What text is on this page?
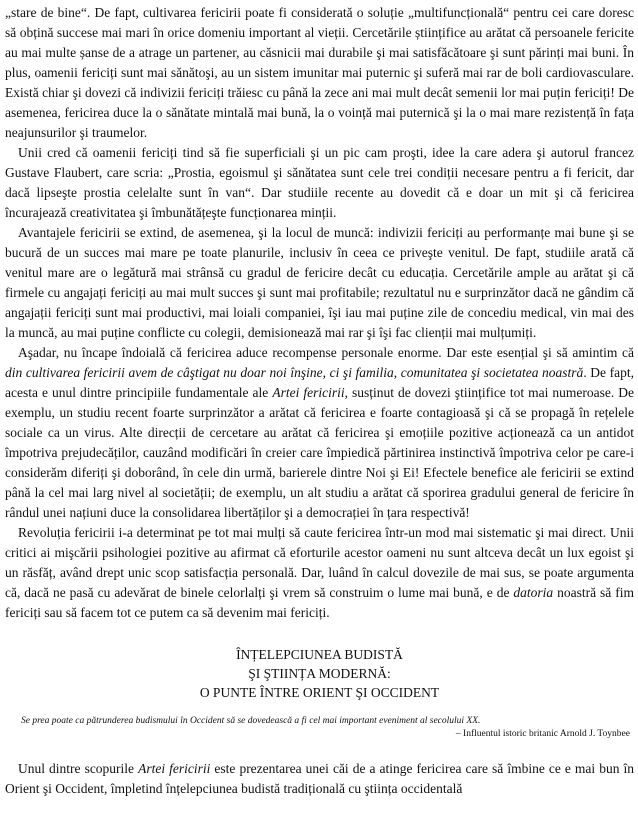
„stare de bine“. De fapt, cultivarea fericirii poate fi considerată o soluție „multifuncțională“ pentru cei care doresc să obțină succese mai mari în orice domeniu important al vieții. Cercetările științifice au arătat că persoanele fericite au mai multe șanse de a atrage un partener, au căsnicii mai durabile şi mai satisfăcătoare şi sunt părinți mai buni. În plus, oamenii fericiți sunt mai sănătoşi, au un sistem imunitar mai puternic şi suferă mai rar de boli cardiovasculare. Există chiar şi dovezi că indivizii fericiți trăiesc cu până la zece ani mai mult decât semenii lor mai puțin fericiți! De asemenea, fericirea duce la o sănătate mintală mai bună, la o voință mai puternică şi la o mai mare rezistență în fața neajunsurilor şi traumelor.

Unii cred că oamenii fericiți tind să fie superficiali şi un pic cam proşti, idee la care adera şi autorul francez Gustave Flaubert, care scria: „Prostia, egoismul şi sănătatea sunt cele trei condiții necesare pentru a fi fericit, dar dacă lipseşte prostia celelalte sunt în van“. Dar studiile recente au dovedit că e doar un mit şi că fericirea încurajează creativitatea şi îmbunătățeşte funcționarea minții.

Avantajele fericirii se extind, de asemenea, şi la locul de muncă: indivizii fericiți au performanțe mai bune şi se bucură de un succes mai mare pe toate planurile, inclusiv în ceea ce priveşte venitul. De fapt, studiile arată că venitul mare are o legătură mai strânsă cu gradul de fericire decât cu educația. Cercetările ample au arătat şi că firmele cu angajați fericiți au mai mult succes şi sunt mai profitabile; rezultatul nu e surprinzător dacă ne gândim că angajații fericiți sunt mai productivi, mai loiali companiei, îşi iau mai puține zile de concediu medical, vin mai des la muncă, au mai puține conflicte cu colegii, demisionează mai rar şi îşi fac clienții mai mulțumiți.

Aşadar, nu încape îndoială că fericirea aduce recompense personale enorme. Dar este esențial şi să amintim că din cultivarea fericirii avem de câştigat nu doar noi înşine, ci şi familia, comunitatea şi societatea noastră. De fapt, acesta e unul dintre principiile fundamentale ale Artei fericirii, susținut de dovezi ştiințifice tot mai numeroase. De exemplu, un studiu recent foarte surprinzător a arătat că fericirea e foarte contagioasă şi că se propagă în rețelele sociale ca un virus. Alte direcții de cercetare au arătat că fericirea şi emoțiile pozitive acționează ca un antidot împotriva prejudecăților, cauzând modificări în creier care împiedică părtinirea instinctivă împotriva celor pe care-i considerăm diferiți şi doborând, în cele din urmă, barierele dintre Noi şi Ei! Efectele benefice ale fericirii se extind până la cel mai larg nivel al societății; de exemplu, un alt studiu a arătat că sporirea gradului general de fericire în rândul unei națiuni duce la consolidarea libertăților şi a democrației în țara respectivă!

Revoluția fericirii i-a determinat pe tot mai mulți să caute fericirea într-un mod mai sistematic şi mai direct. Unii critici ai mişcării psihologiei pozitive au afirmat că eforturile acestor oameni nu sunt altceva decât un lux egoist şi un răsfăț, având drept unic scop satisfacția personală. Dar, luând în calcul dovezile de mai sus, se poate argumenta că, dacă ne pasă cu adevărat de binele celorlalți şi vrem să construim o lume mai bună, e de datoria noastră să fim fericiți sau să facem tot ce putem ca să devenim mai fericiți.

ÎNȚELEPCIUNEA BUDISTĂ
ŞI ŞTIINȚA MODERNĂ:
O PUNTE ÎNTRE ORIENT ŞI OCCIDENT
Se prea poate ca pătrunderea budismului în Occident să se dovedească a fi cel mai important eveniment al secolului XX.
– Influentul istoric britanic Arnold J. Toynbee

Unul dintre scopurile Artei fericirii este prezentarea unei căi de a atinge fericirea care să îmbine ce e mai bun în Orient şi Occident, împletind înțelepciunea budistă tradițională cu ştiința occidentală
